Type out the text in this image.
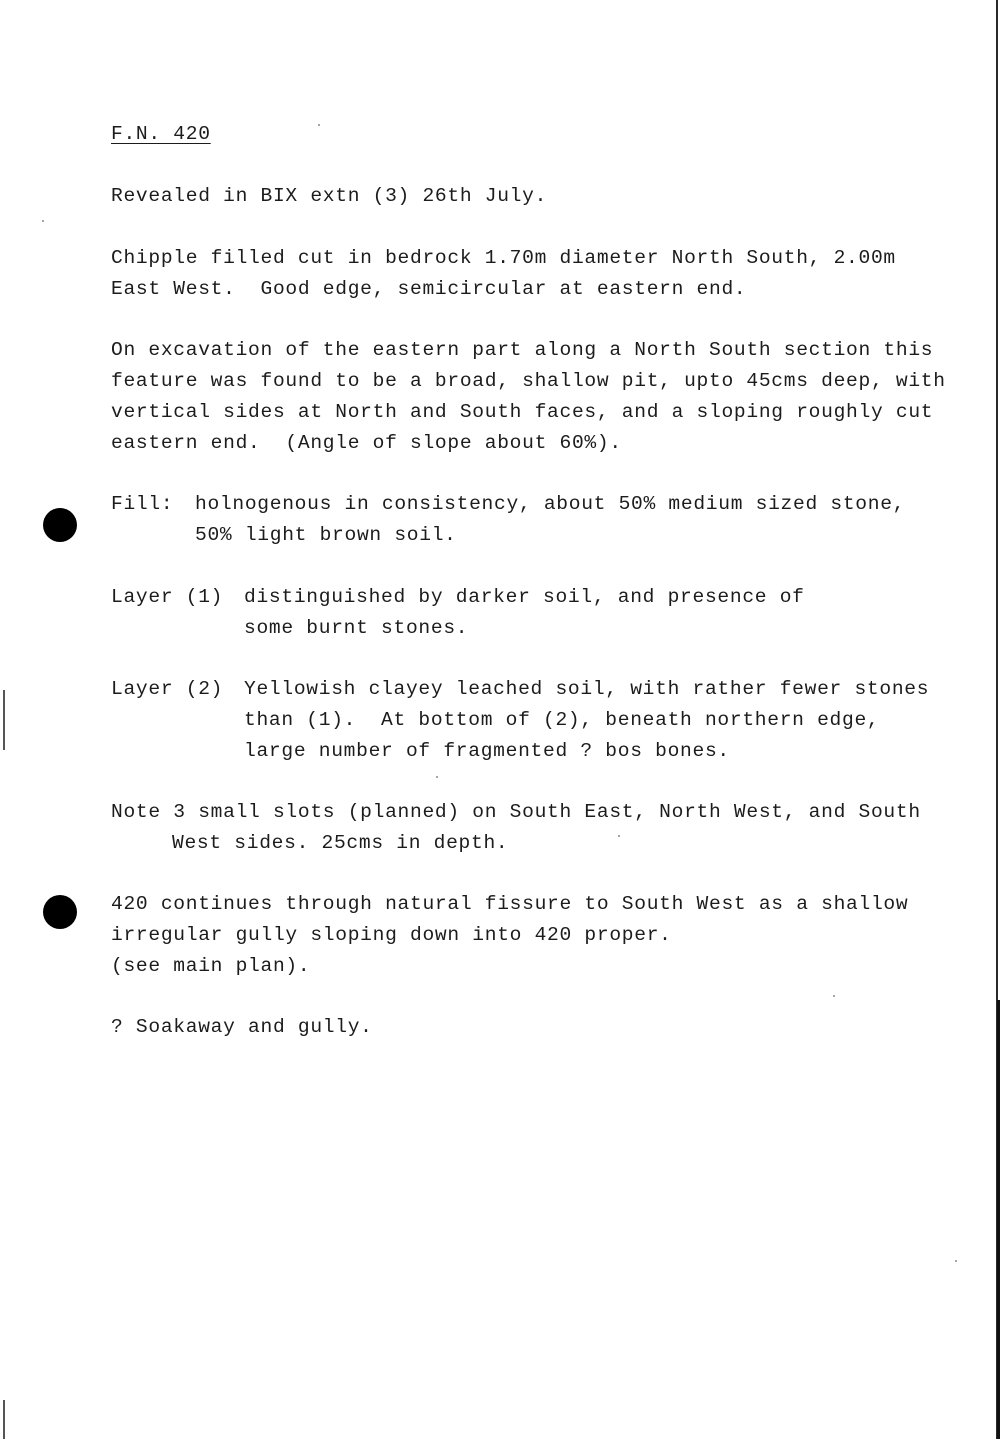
F.N. 420

Revealed in BIX extn (3) 26th July.

Chipple filled cut in bedrock 1.70m diameter North South, 2.00m

East West.  Good edge, semicircular at eastern end.

On excavation of the eastern part along a North South section this

feature was found to be a broad, shallow pit, upto 45cms deep, with

vertical sides at North and South faces, and a sloping roughly cut

eastern end.  (Angle of slope about 60%).

Fill: holnogenous in consistency, about 50% medium sized stone,

50% light brown soil.

Layer (1) distinguished by darker soil, and presence of

some burnt stones.

Layer (2) Yellowish clayey leached soil, with rather fewer stones

than (1).  At bottom of (2), beneath northern edge,

large number of fragmented ? bos bones.

Note 3 small slots (planned) on South East, North West, and South

West sides. 25cms in depth.

420 continues through natural fissure to South West as a shallow

irregular gully sloping down into 420 proper.

(see main plan).

? Soakaway and gully.
